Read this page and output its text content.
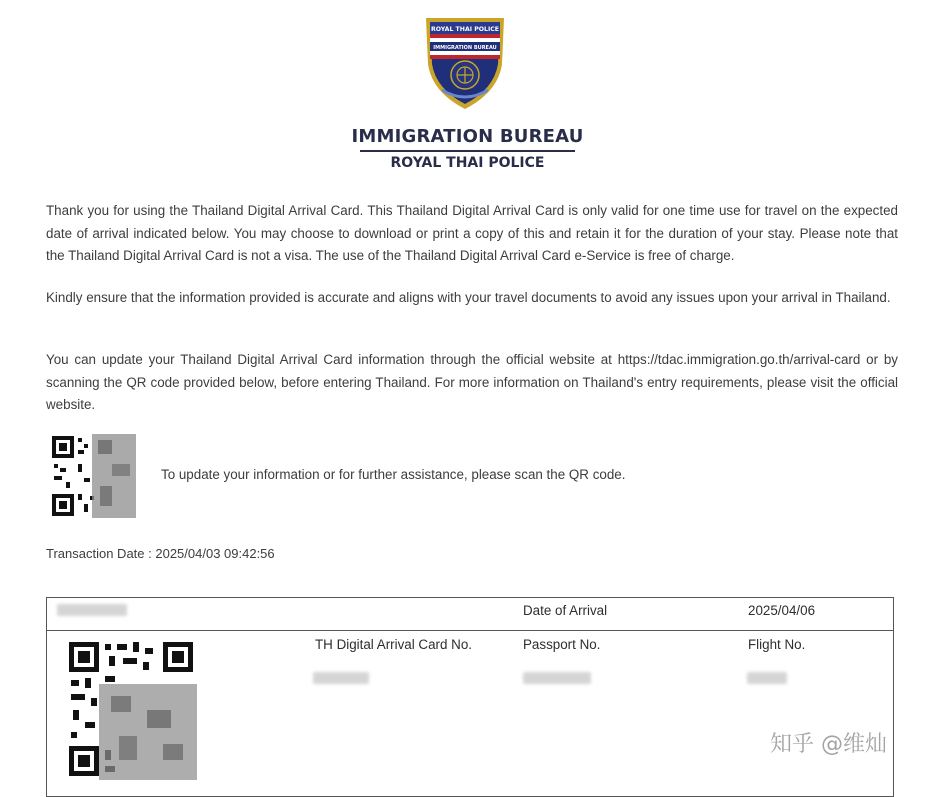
ROYAL THAI POLICE
IMMIGRATION BUREAU
IMMIGRATION BUREAU
ROYAL THAI POLICE

Thank you for using the Thailand Digital Arrival Card. This Thailand Digital Arrival Card is only valid for one time use for travel on the expected date of arrival indicated below. You may choose to download or print a copy of this and retain it for the duration of your stay. Please note that the Thailand Digital Arrival Card is not a visa. The use of the Thailand Digital Arrival Card e-Service is free of charge.

Kindly ensure that the information provided is accurate and aligns with your travel documents to avoid any issues upon your arrival in Thailand.

You can update your Thailand Digital Arrival Card information through the official website at https://tdac.immigration.go.th/arrival-card or by scanning the QR code provided below, before entering Thailand. For more information on Thailand's entry requirements, please visit the official website.

To update your information or for further assistance, please scan the QR code.
Transaction Date : 2025/04/03 09:42:56
Date of Arrival	2025/04/06
TH Digital Arrival Card No.	Passport No.	Flight No.
知乎 @维灿
